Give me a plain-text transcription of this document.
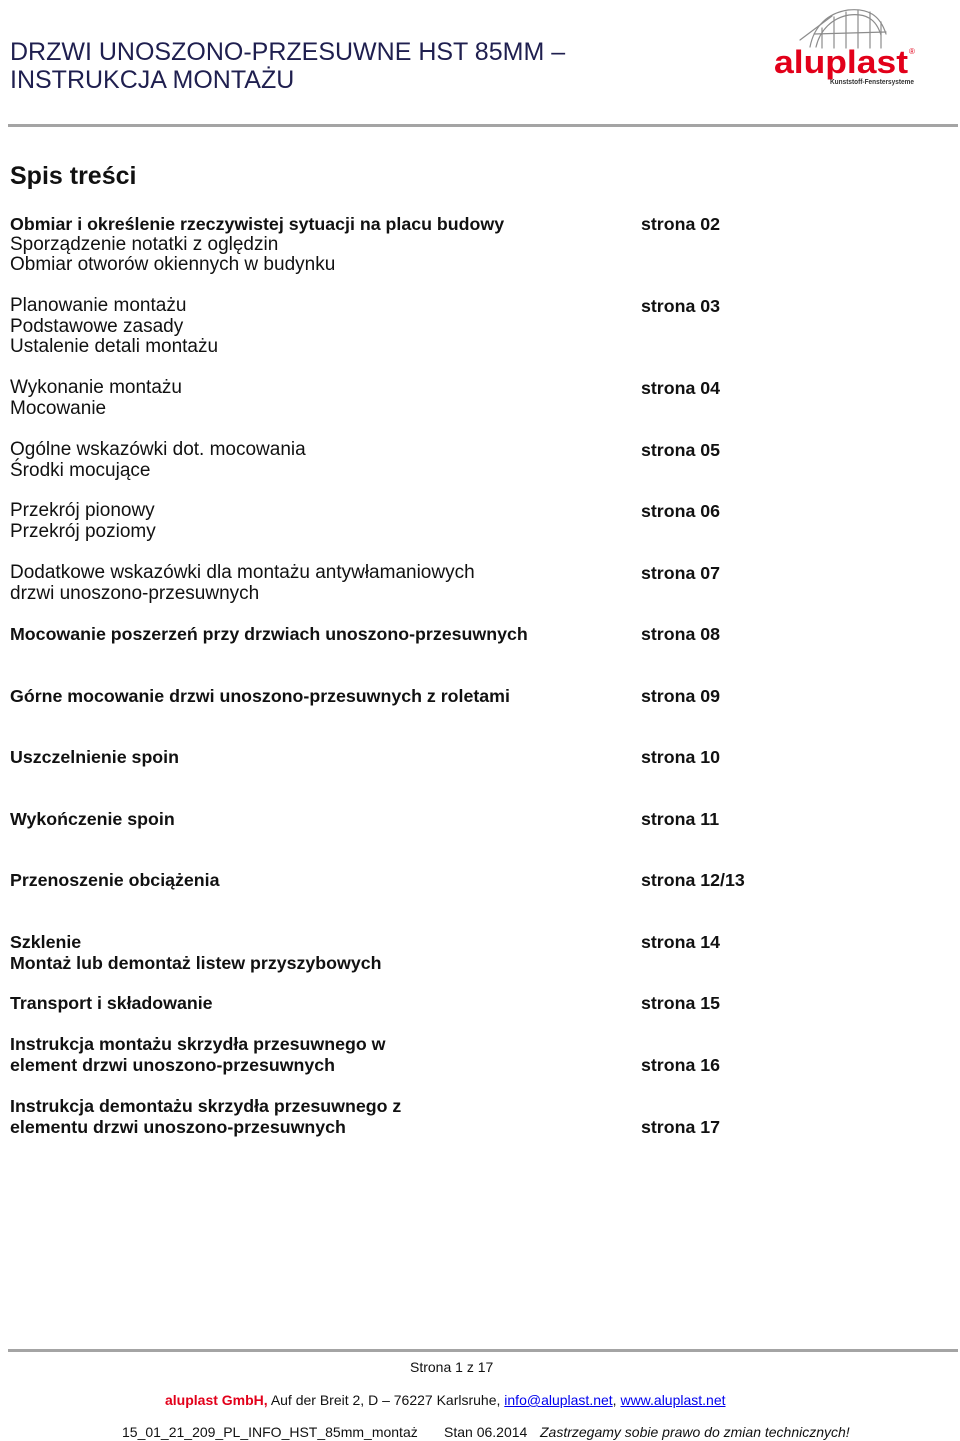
DRZWI UNOSZONO-PRZESUWNE HST 85MM –
INSTRUKCJA MONTAŻU	aluplast ®
Kunststoff-Fenstersysteme
Spis treści
Obmiar i określenie rzeczywistej sytuacji na placu budowy
Sporządzenie notatki z oględzin
Obmiar otworów okiennych w budynku
strona 02
Planowanie montażu
Podstawowe zasady
Ustalenie detali montażu
strona 03
Wykonanie montażu
Mocowanie
strona 04
Ogólne wskazówki dot. mocowania
Środki mocujące
strona 05
Przekrój pionowy
Przekrój poziomy
strona 06
Dodatkowe wskazówki dla montażu antywłamaniowych
drzwi unoszono-przesuwnych
strona 07
Mocowanie poszerzeń przy drzwiach unoszono-przesuwnych	strona 08
Górne mocowanie drzwi unoszono-przesuwnych z roletami	strona 09
Uszczelnienie spoin	strona 10
Wykończenie spoin	strona 11
Przenoszenie obciążenia	strona 12/13
Szklenie
Montaż lub demontaż listew przyszybowych
strona 14
Transport i składowanie	strona 15
Instrukcja montażu skrzydła przesuwnego w
element drzwi unoszono-przesuwnych	strona 16
Instrukcja demontażu skrzydła przesuwnego z
elementu drzwi unoszono-przesuwnych	strona 17
Strona 1 z 17
aluplast GmbH, Auf der Breit 2, D – 76227 Karlsruhe, info@aluplast.net, www.aluplast.net
15_01_21_209_PL_INFO_HST_85mm_montaż Stan 06.2014 Zastrzegamy sobie prawo do zmian technicznych!
